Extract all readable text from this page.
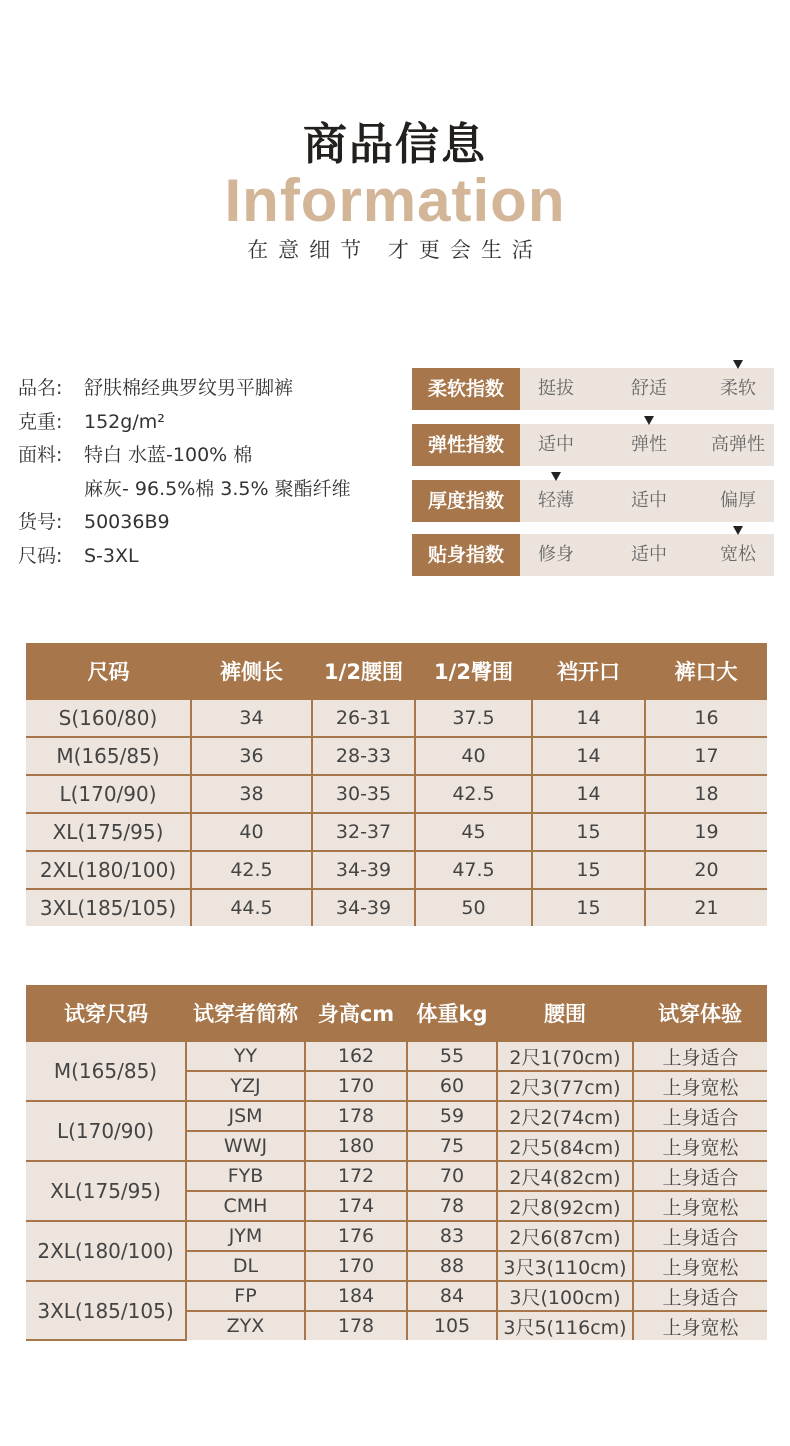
商品信息
Information
在意细节 才更会生活
品名: 舒肤棉经典罗纹男平脚裤
克重: 152g/m²
面料: 特白 水蓝-100% 棉
麻灰- 96.5%棉 3.5% 聚酯纤维
货号: 50036B9
尺码: S-3XL
柔软指数	挺拔	舒适	柔软
弹性指数	适中	弹性	高弹性
厚度指数	轻薄	适中	偏厚
贴身指数	修身	适中	宽松
尺码	裤侧长	1/2腰围	1/2臀围	裆开口	裤口大
S(160/80)	34	26-31	37.5	14	16
M(165/85)	36	28-33	40	14	17
L(170/90)	38	30-35	42.5	14	18
XL(175/95)	40	32-37	45	15	19
2XL(180/100)	42.5	34-39	47.5	15	20
3XL(185/105)	44.5	34-39	50	15	21
试穿尺码	试穿者简称	身高cm	体重kg	腰围	试穿体验
M(165/85)	YY	162	55	2尺1(70cm)	上身适合
	YZJ	170	60	2尺3(77cm)	上身宽松
L(170/90)	JSM	178	59	2尺2(74cm)	上身适合
	WWJ	180	75	2尺5(84cm)	上身宽松
XL(175/95)	FYB	172	70	2尺4(82cm)	上身适合
	CMH	174	78	2尺8(92cm)	上身宽松
2XL(180/100)	JYM	176	83	2尺6(87cm)	上身适合
	DL	170	88	3尺3(110cm)	上身宽松
3XL(185/105)	FP	184	84	3尺(100cm)	上身适合
	ZYX	178	105	3尺5(116cm)	上身宽松
